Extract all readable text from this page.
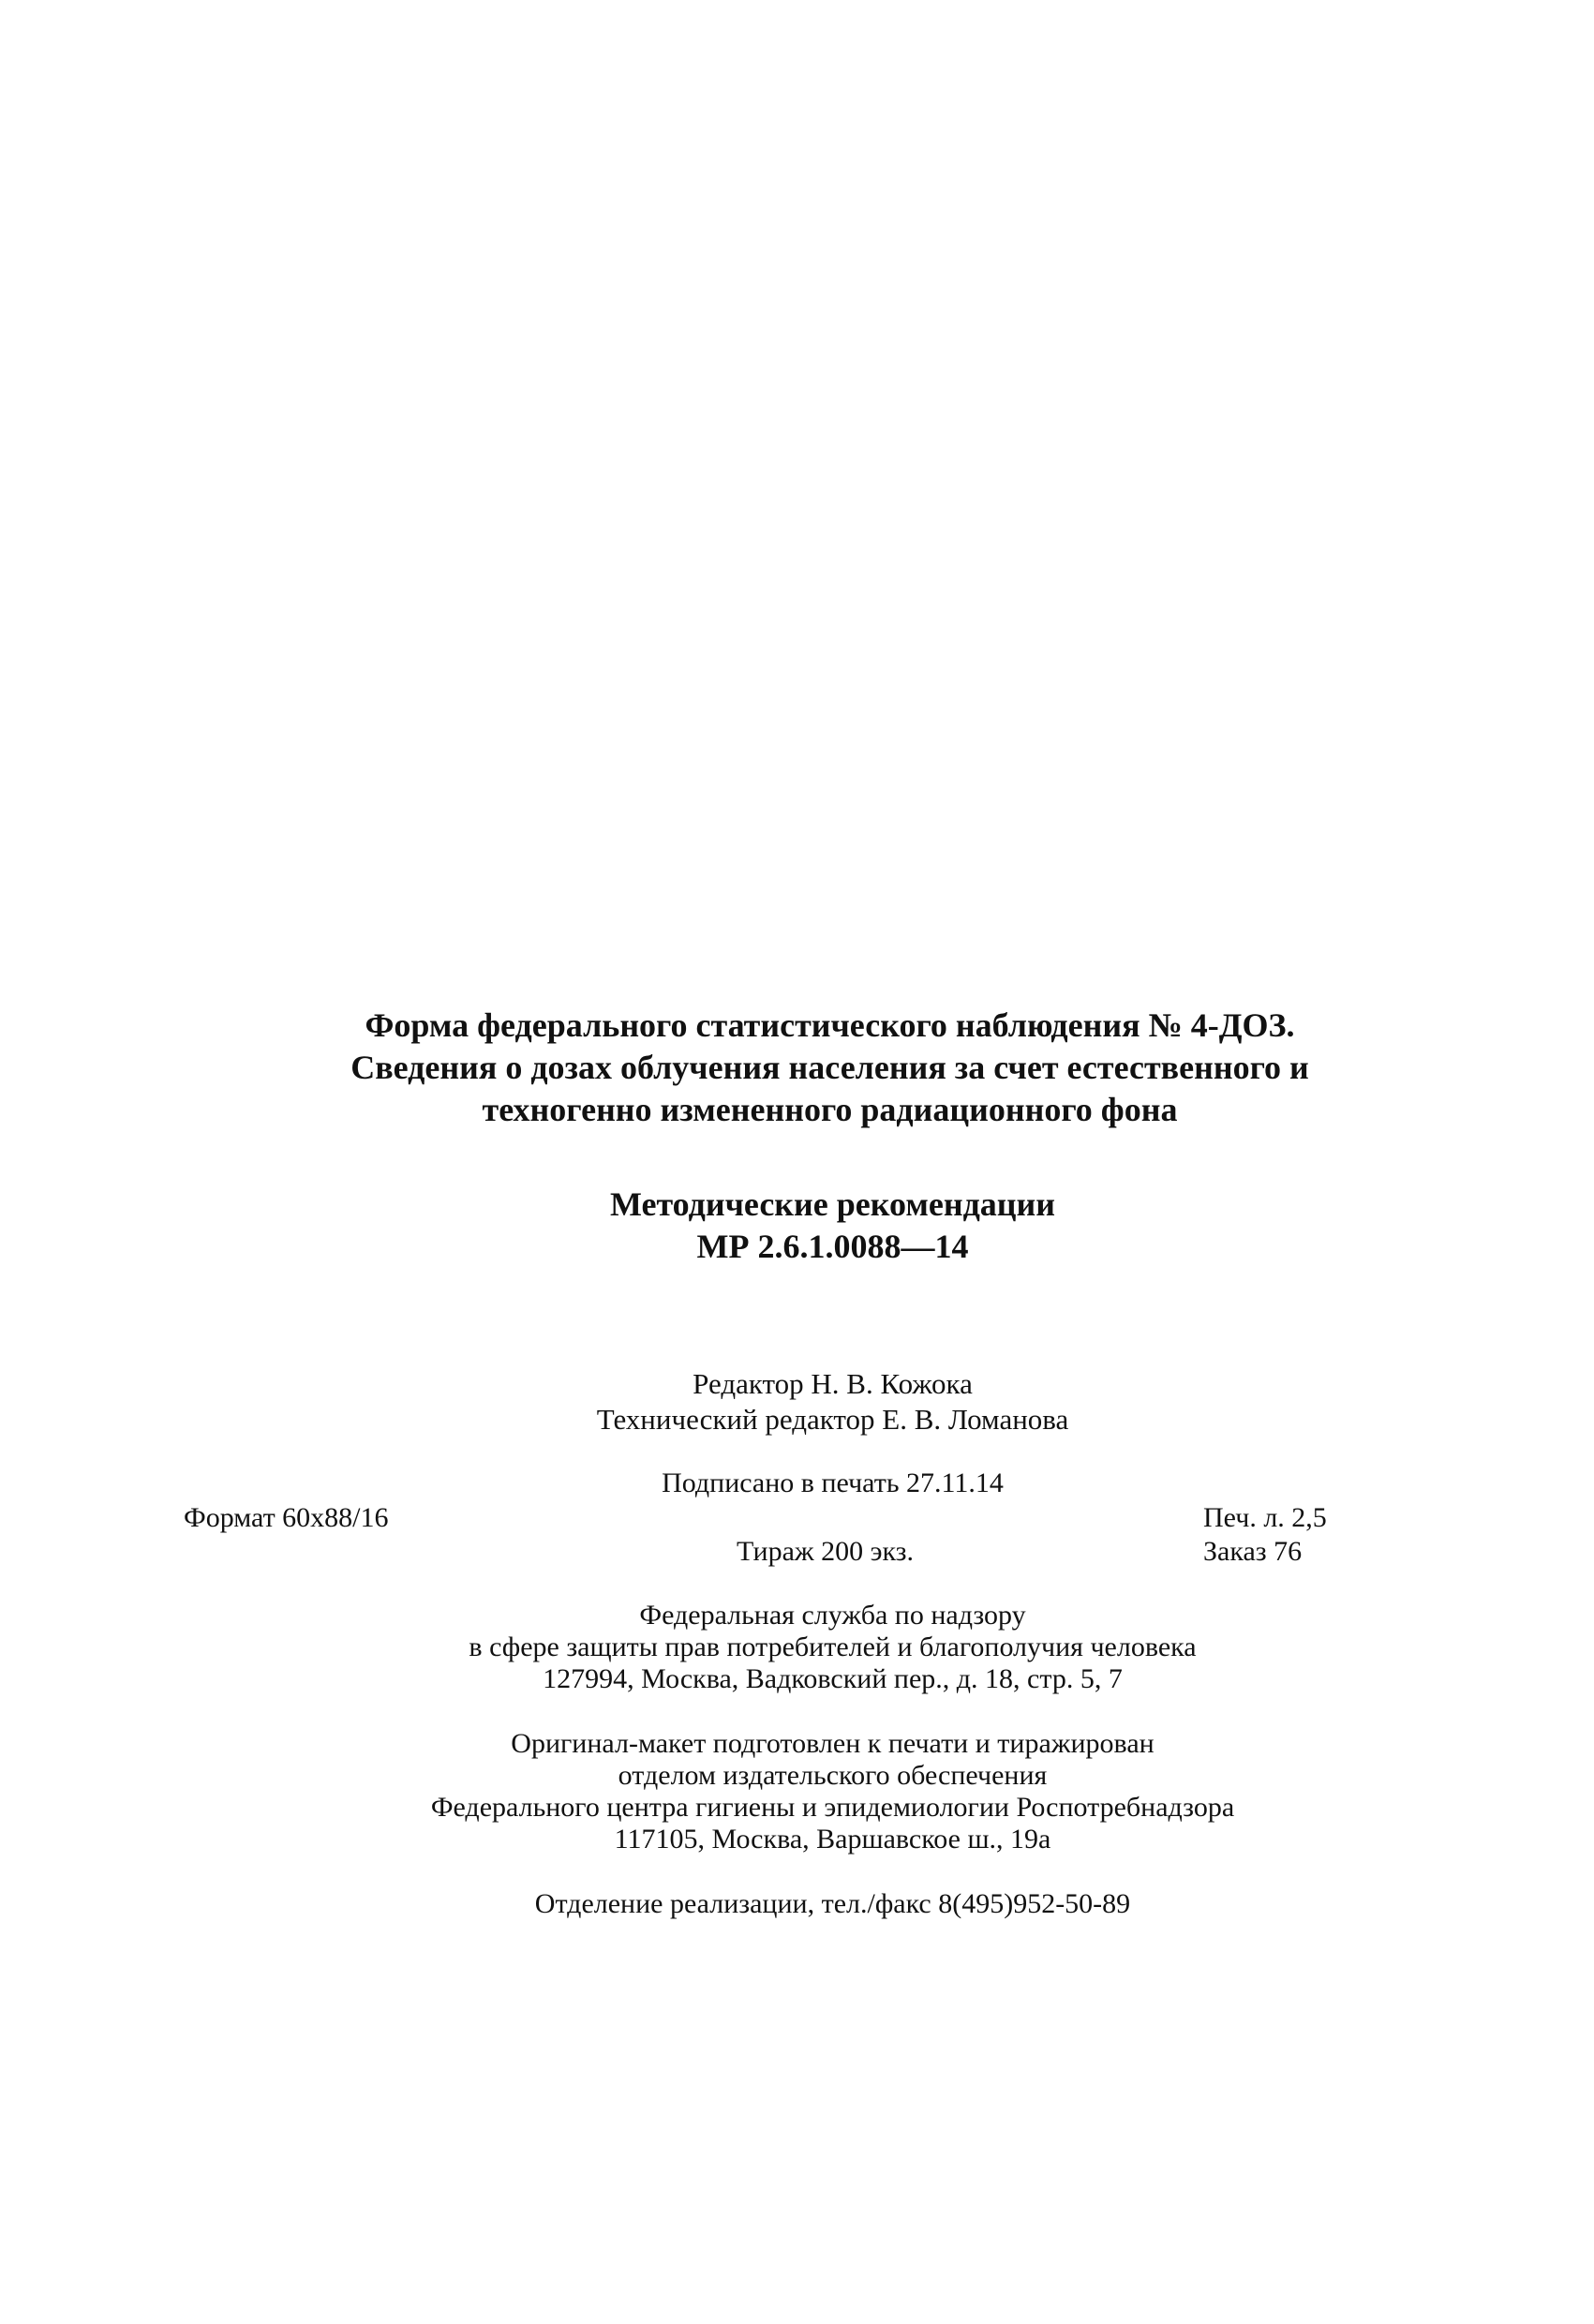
Форма федерального статистического наблюдения № 4-ДОЗ.
Сведения о дозах облучения населения за счет естественного и
техногенно измененного радиационного фона
Методические рекомендации
МР 2.6.1.0088—14
Редактор Н. В. Кожока
Технический редактор Е. В. Ломанова
Подписано в печать 27.11.14
Формат 60x88/16	Печ. л. 2,5
Тираж 200 экз.	Заказ 76
Федеральная служба по надзору
в сфере защиты прав потребителей и благополучия человека
127994, Москва, Вадковский пер., д. 18, стр. 5, 7
Оригинал-макет подготовлен к печати и тиражирован
отделом издательского обеспечения
Федерального центра гигиены и эпидемиологии Роспотребнадзора
117105, Москва, Варшавское ш., 19а
Отделение реализации, тел./факс 8(495)952-50-89
